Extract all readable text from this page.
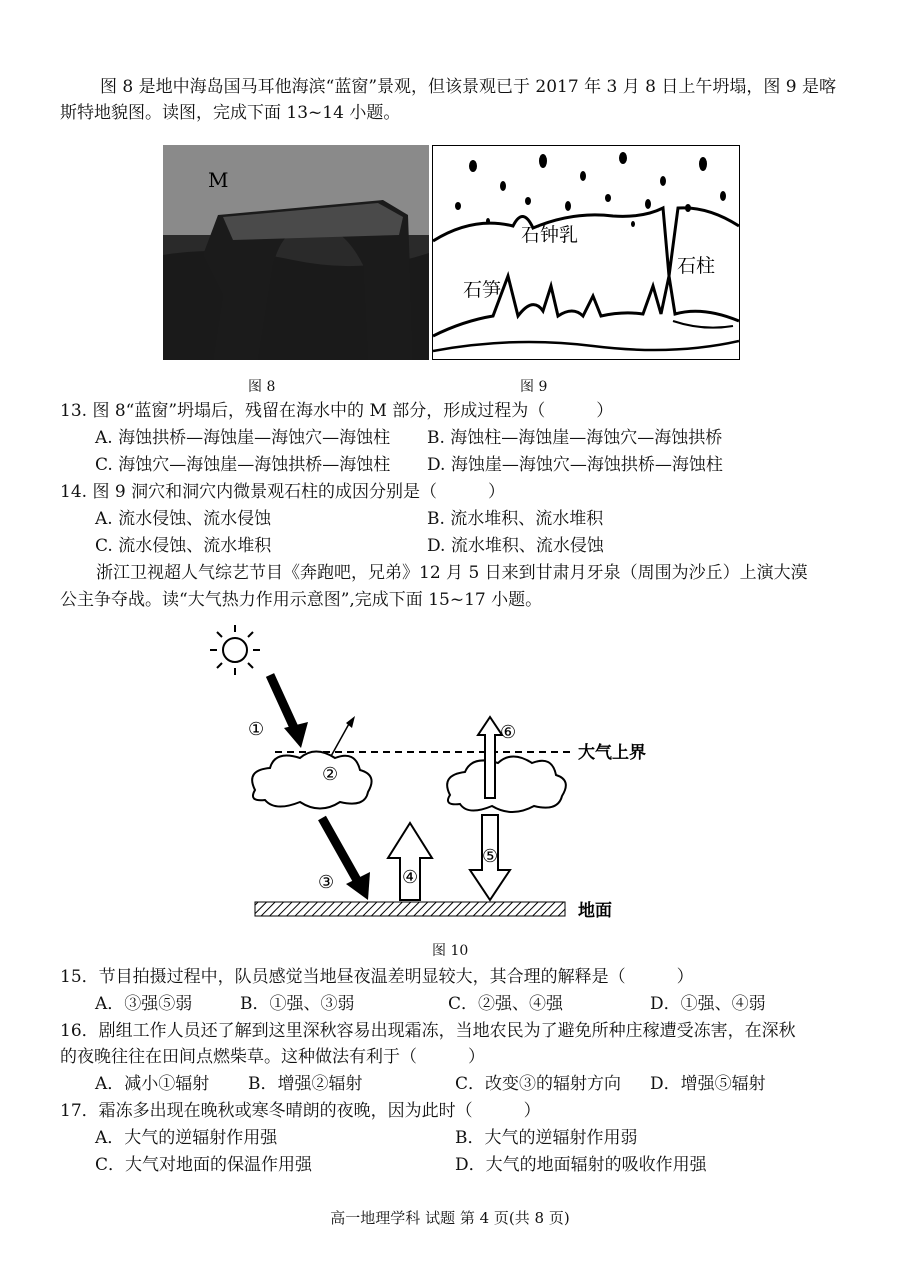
图 8 是地中海岛国马耳他海滨“蓝窗”景观，但该景观已于 2017 年 3 月 8 日上午坍塌，图 9 是喀
斯特地貌图。读图，完成下面 13~14 小题。
M
图 8
石钟乳
石柱
石笋
图 9
13. 图 8“蓝窗”坍塌后，残留在海水中的 M 部分，形成过程为（　　　）
A. 海蚀拱桥—海蚀崖—海蚀穴—海蚀柱 B. 海蚀柱—海蚀崖—海蚀穴—海蚀拱桥
C. 海蚀穴—海蚀崖—海蚀拱桥—海蚀柱 D. 海蚀崖—海蚀穴—海蚀拱桥—海蚀柱
14. 图 9 洞穴和洞穴内微景观石柱的成因分别是（　　　）
A. 流水侵蚀、流水侵蚀	B. 流水堆积、流水堆积
C. 流水侵蚀、流水堆积	D. 流水堆积、流水侵蚀
浙江卫视超人气综艺节目《奔跑吧，兄弟》12 月 5 日来到甘肃月牙泉（周围为沙丘）上演大漠
公主争夺战。读“大气热力作用示意图”,完成下面 15~17 小题。
大气上界
地面
①
②
③	④
⑤
⑥
图 10
15．节目拍摄过程中，队员感觉当地昼夜温差明显较大，其合理的解释是（　　　）
A．③强⑤弱	B．①强、③弱	C．②强、④强	D．①强、④弱
16．剧组工作人员还了解到这里深秋容易出现霜冻，当地农民为了避免所种庄稼遭受冻害，在深秋
的夜晚往往在田间点燃柴草。这种做法有利于（　　　）
A．减小①辐射 B．增强②辐射	C．改变③的辐射方向 D．增强⑤辐射
17．霜冻多出现在晚秋或寒冬晴朗的夜晚，因为此时（　　　）
A．大气的逆辐射作用强	B．大气的逆辐射作用弱
C．大气对地面的保温作用强	D．大气的地面辐射的吸收作用强
高一地理学科 试题 第 4 页(共 8 页)
